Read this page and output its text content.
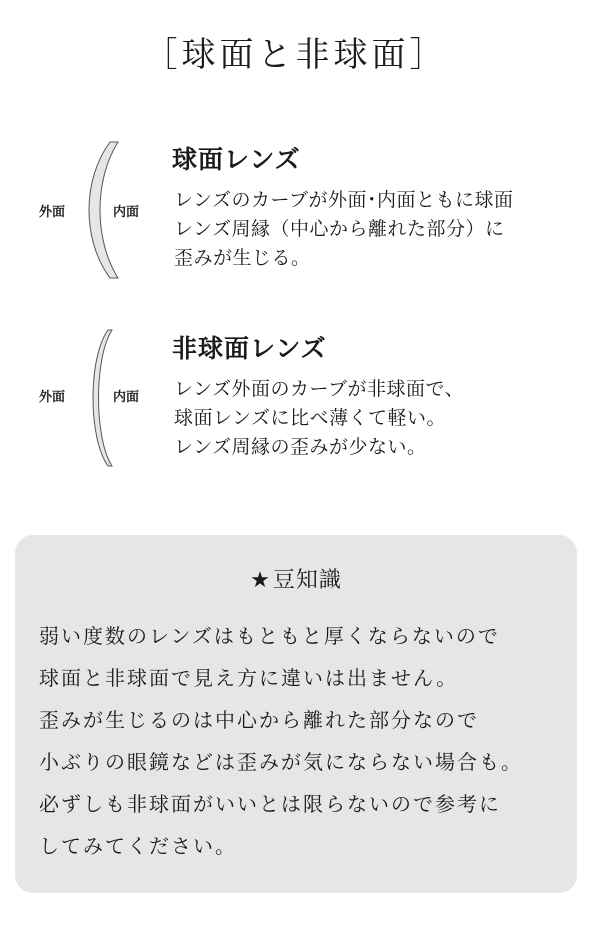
［球面と非球面］
外面	内面
球面レンズ
レンズのカーブが外面･内面ともに球面
レンズ周縁（中心から離れた部分）に
歪みが生じる。
外面	内面
非球面レンズ
レンズ外面のカーブが非球面で、
球面レンズに比べ薄くて軽い。
レンズ周縁の歪みが少ない。
★豆知識
弱い度数のレンズはもともと厚くならないので
球面と非球面で見え方に違いは出ません。
歪みが生じるのは中心から離れた部分なので
小ぶりの眼鏡などは歪みが気にならない場合も。
必ずしも非球面がいいとは限らないので参考に
してみてください。
